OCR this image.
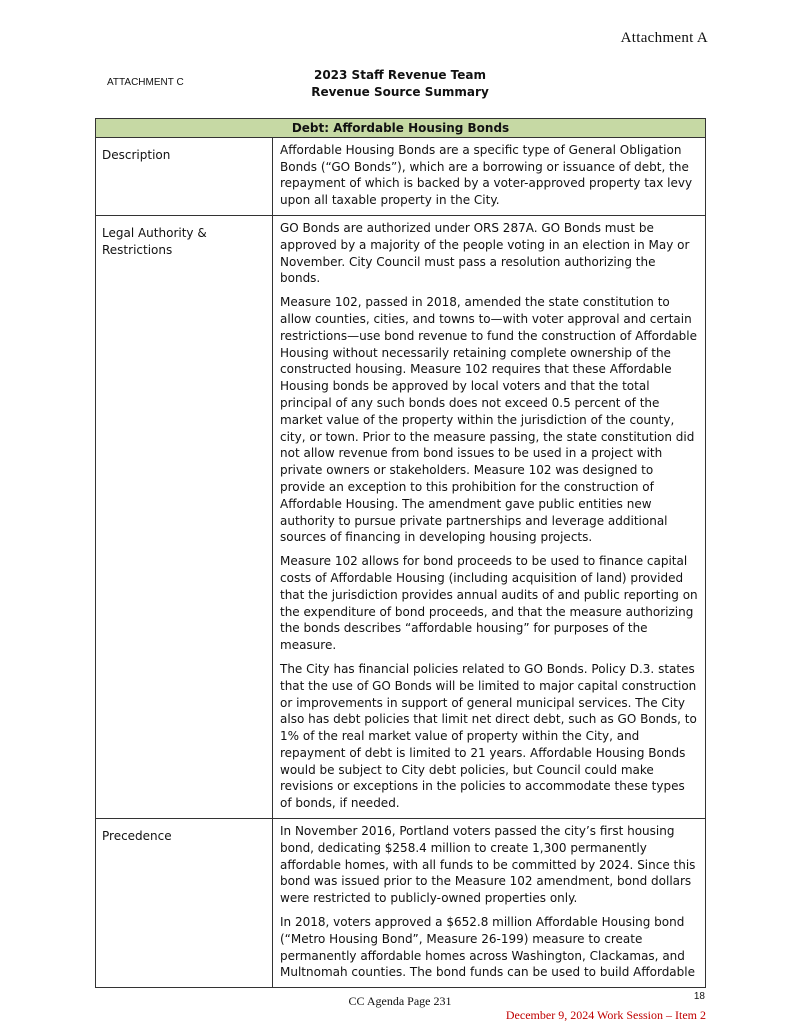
Attachment A
ATTACHMENT C
2023 Staff Revenue Team
Revenue Source Summary
Debt: Affordable Housing Bonds	
Description	Affordable Housing Bonds are a specific type of General Obligation Bonds (“GO Bonds”), which are a borrowing or issuance of debt, the repayment of which is backed by a voter-approved property tax levy upon all taxable property in the City.

Legal Authority & Restrictions	GO Bonds are authorized under ORS 287A. GO Bonds must be approved by a majority of the people voting in an election in May or November. City Council must pass a resolution authorizing the bonds.

Measure 102, passed in 2018, amended the state constitution to allow counties, cities, and towns to—with voter approval and certain restrictions—use bond revenue to fund the construction of Affordable Housing without necessarily retaining complete ownership of the constructed housing. Measure 102 requires that these Affordable Housing bonds be approved by local voters and that the total principal of any such bonds does not exceed 0.5 percent of the market value of the property within the jurisdiction of the county, city, or town. Prior to the measure passing, the state constitution did not allow revenue from bond issues to be used in a project with private owners or stakeholders. Measure 102 was designed to provide an exception to this prohibition for the construction of Affordable Housing. The amendment gave public entities new authority to pursue private partnerships and leverage additional sources of financing in developing housing projects.

Measure 102 allows for bond proceeds to be used to finance capital costs of Affordable Housing (including acquisition of land) provided that the jurisdiction provides annual audits of and public reporting on the expenditure of bond proceeds, and that the measure authorizing the bonds describes “affordable housing” for purposes of the measure.

The City has financial policies related to GO Bonds. Policy D.3. states that the use of GO Bonds will be limited to major capital construction or improvements in support of general municipal services. The City also has debt policies that limit net direct debt, such as GO Bonds, to 1% of the real market value of property within the City, and repayment of debt is limited to 21 years. Affordable Housing Bonds would be subject to City debt policies, but Council could make revisions or exceptions in the policies to accommodate these types of bonds, if needed.

Precedence	In November 2016, Portland voters passed the city’s first housing bond, dedicating $258.4 million to create 1,300 permanently affordable homes, with all funds to be committed by 2024. Since this bond was issued prior to the Measure 102 amendment, bond dollars were restricted to publicly-owned properties only.

In 2018, voters approved a $652.8 million Affordable Housing bond (“Metro Housing Bond”, Measure 26-199) measure to create permanently affordable homes across Washington, Clackamas, and Multnomah counties. The bond funds can be used to build Affordable

CC Agenda Page 231	18
December 9, 2024 Work Session – Item 2
